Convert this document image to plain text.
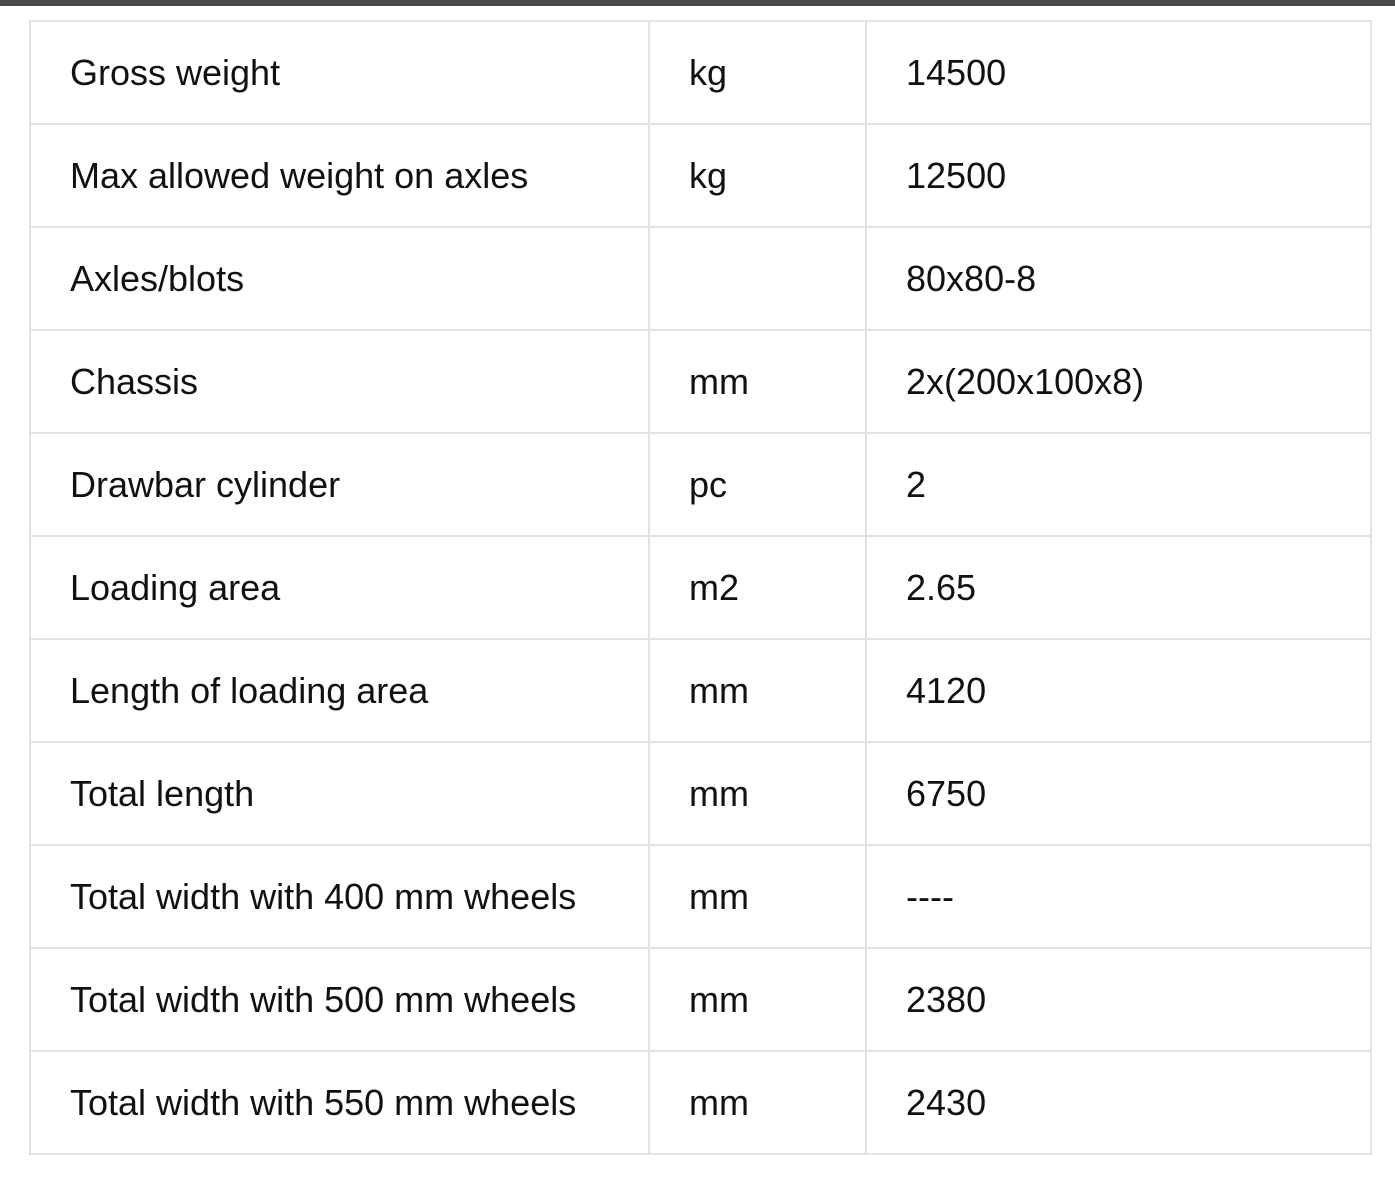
Gross weight	kg	14500
Max allowed weight on axles	kg	12500
Axles/blots		80x80-8
Chassis	mm	2x(200x100x8)
Drawbar cylinder	pc	2
Loading area	m2	2.65
Length of loading area	mm	4120
Total length	mm	6750
Total width with 400 mm wheels	mm	----
Total width with 500 mm wheels	mm	2380
Total width with 550 mm wheels	mm	2430
